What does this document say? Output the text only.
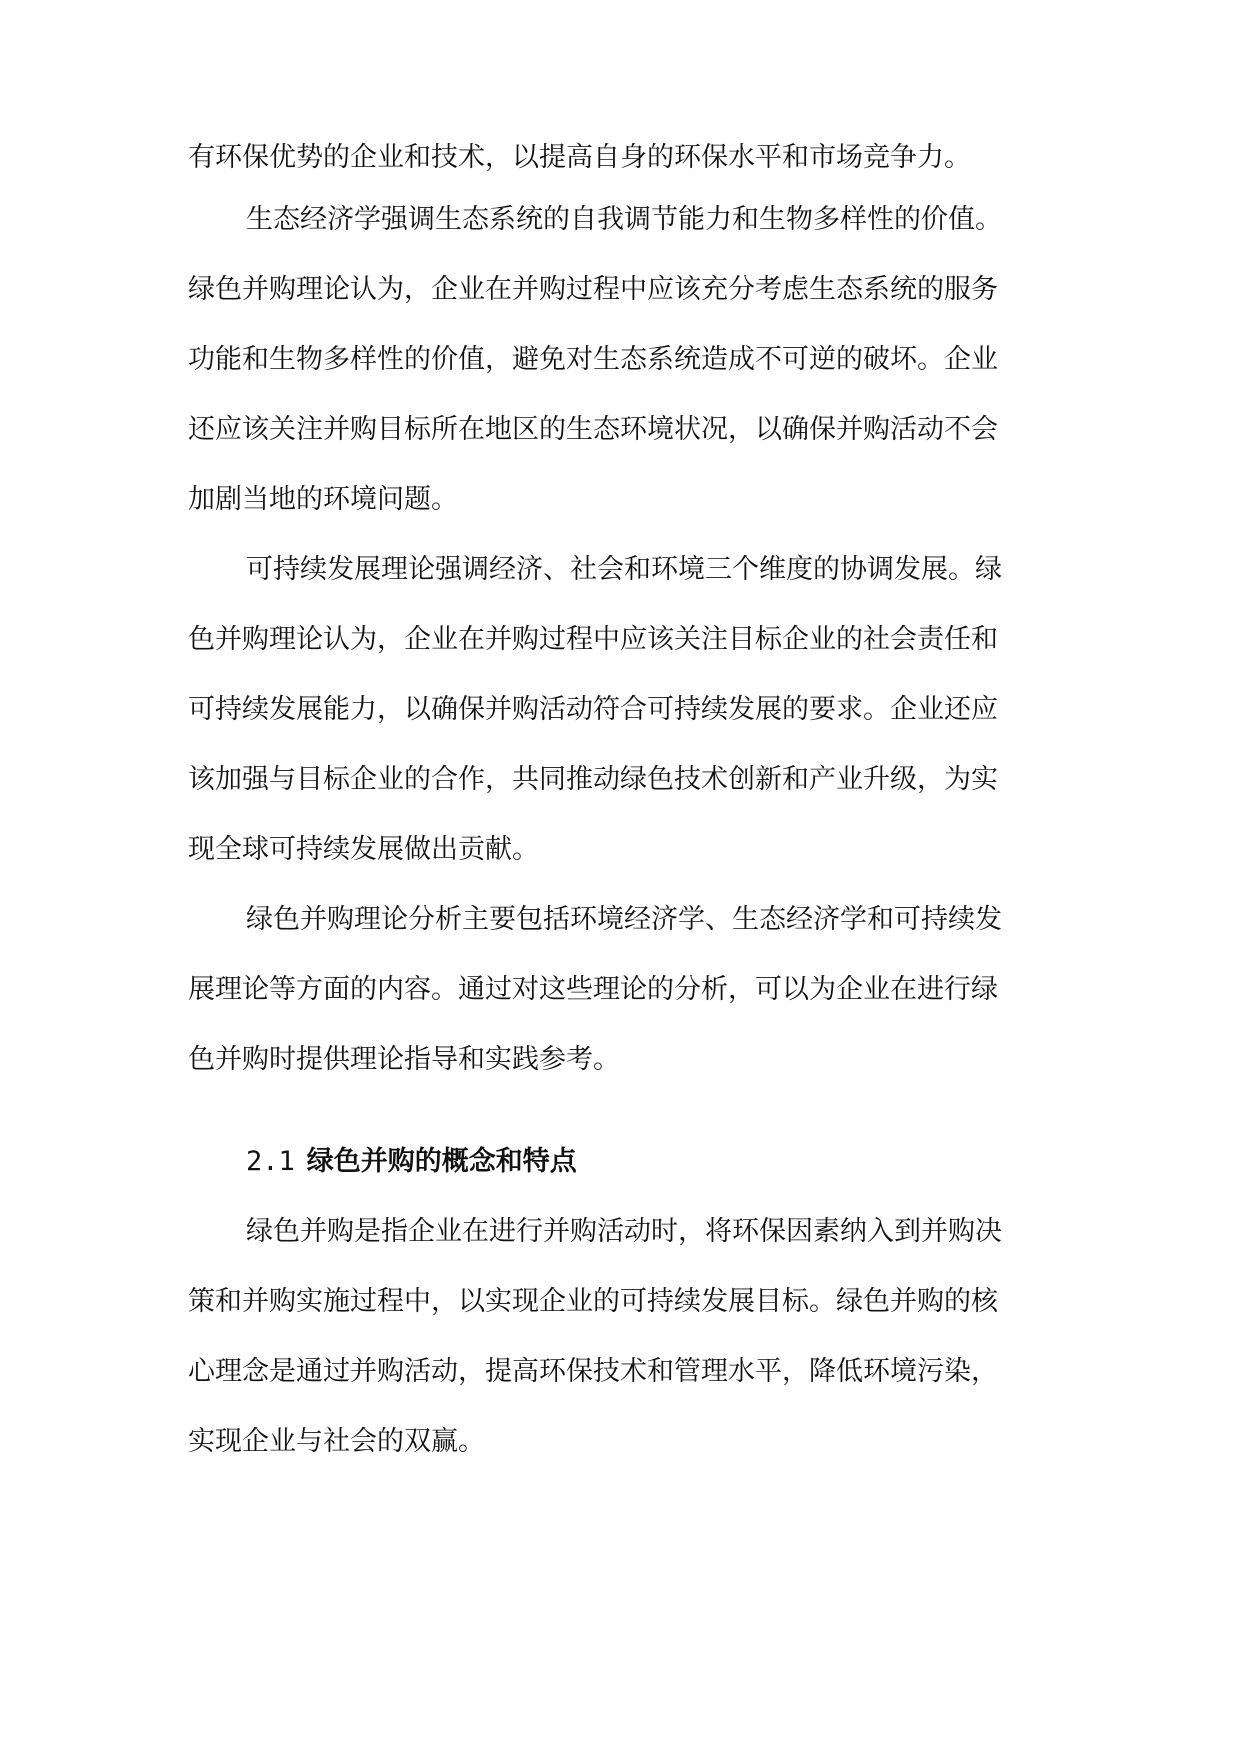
有环保优势的企业和技术，以提高自身的环保水平和市场竞争力。
生态经济学强调生态系统的自我调节能力和生物多样性的价值。
绿色并购理论认为，企业在并购过程中应该充分考虑生态系统的服务
功能和生物多样性的价值，避免对生态系统造成不可逆的破坏。企业
还应该关注并购目标所在地区的生态环境状况，以确保并购活动不会
加剧当地的环境问题。
可持续发展理论强调经济、社会和环境三个维度的协调发展。绿
色并购理论认为，企业在并购过程中应该关注目标企业的社会责任和
可持续发展能力，以确保并购活动符合可持续发展的要求。企业还应
该加强与目标企业的合作，共同推动绿色技术创新和产业升级，为实
现全球可持续发展做出贡献。
绿色并购理论分析主要包括环境经济学、生态经济学和可持续发
展理论等方面的内容。通过对这些理论的分析，可以为企业在进行绿
色并购时提供理论指导和实践参考。
2.1 绿色并购的概念和特点
绿色并购是指企业在进行并购活动时，将环保因素纳入到并购决
策和并购实施过程中，以实现企业的可持续发展目标。绿色并购的核
心理念是通过并购活动，提高环保技术和管理水平，降低环境污染，
实现企业与社会的双赢。
